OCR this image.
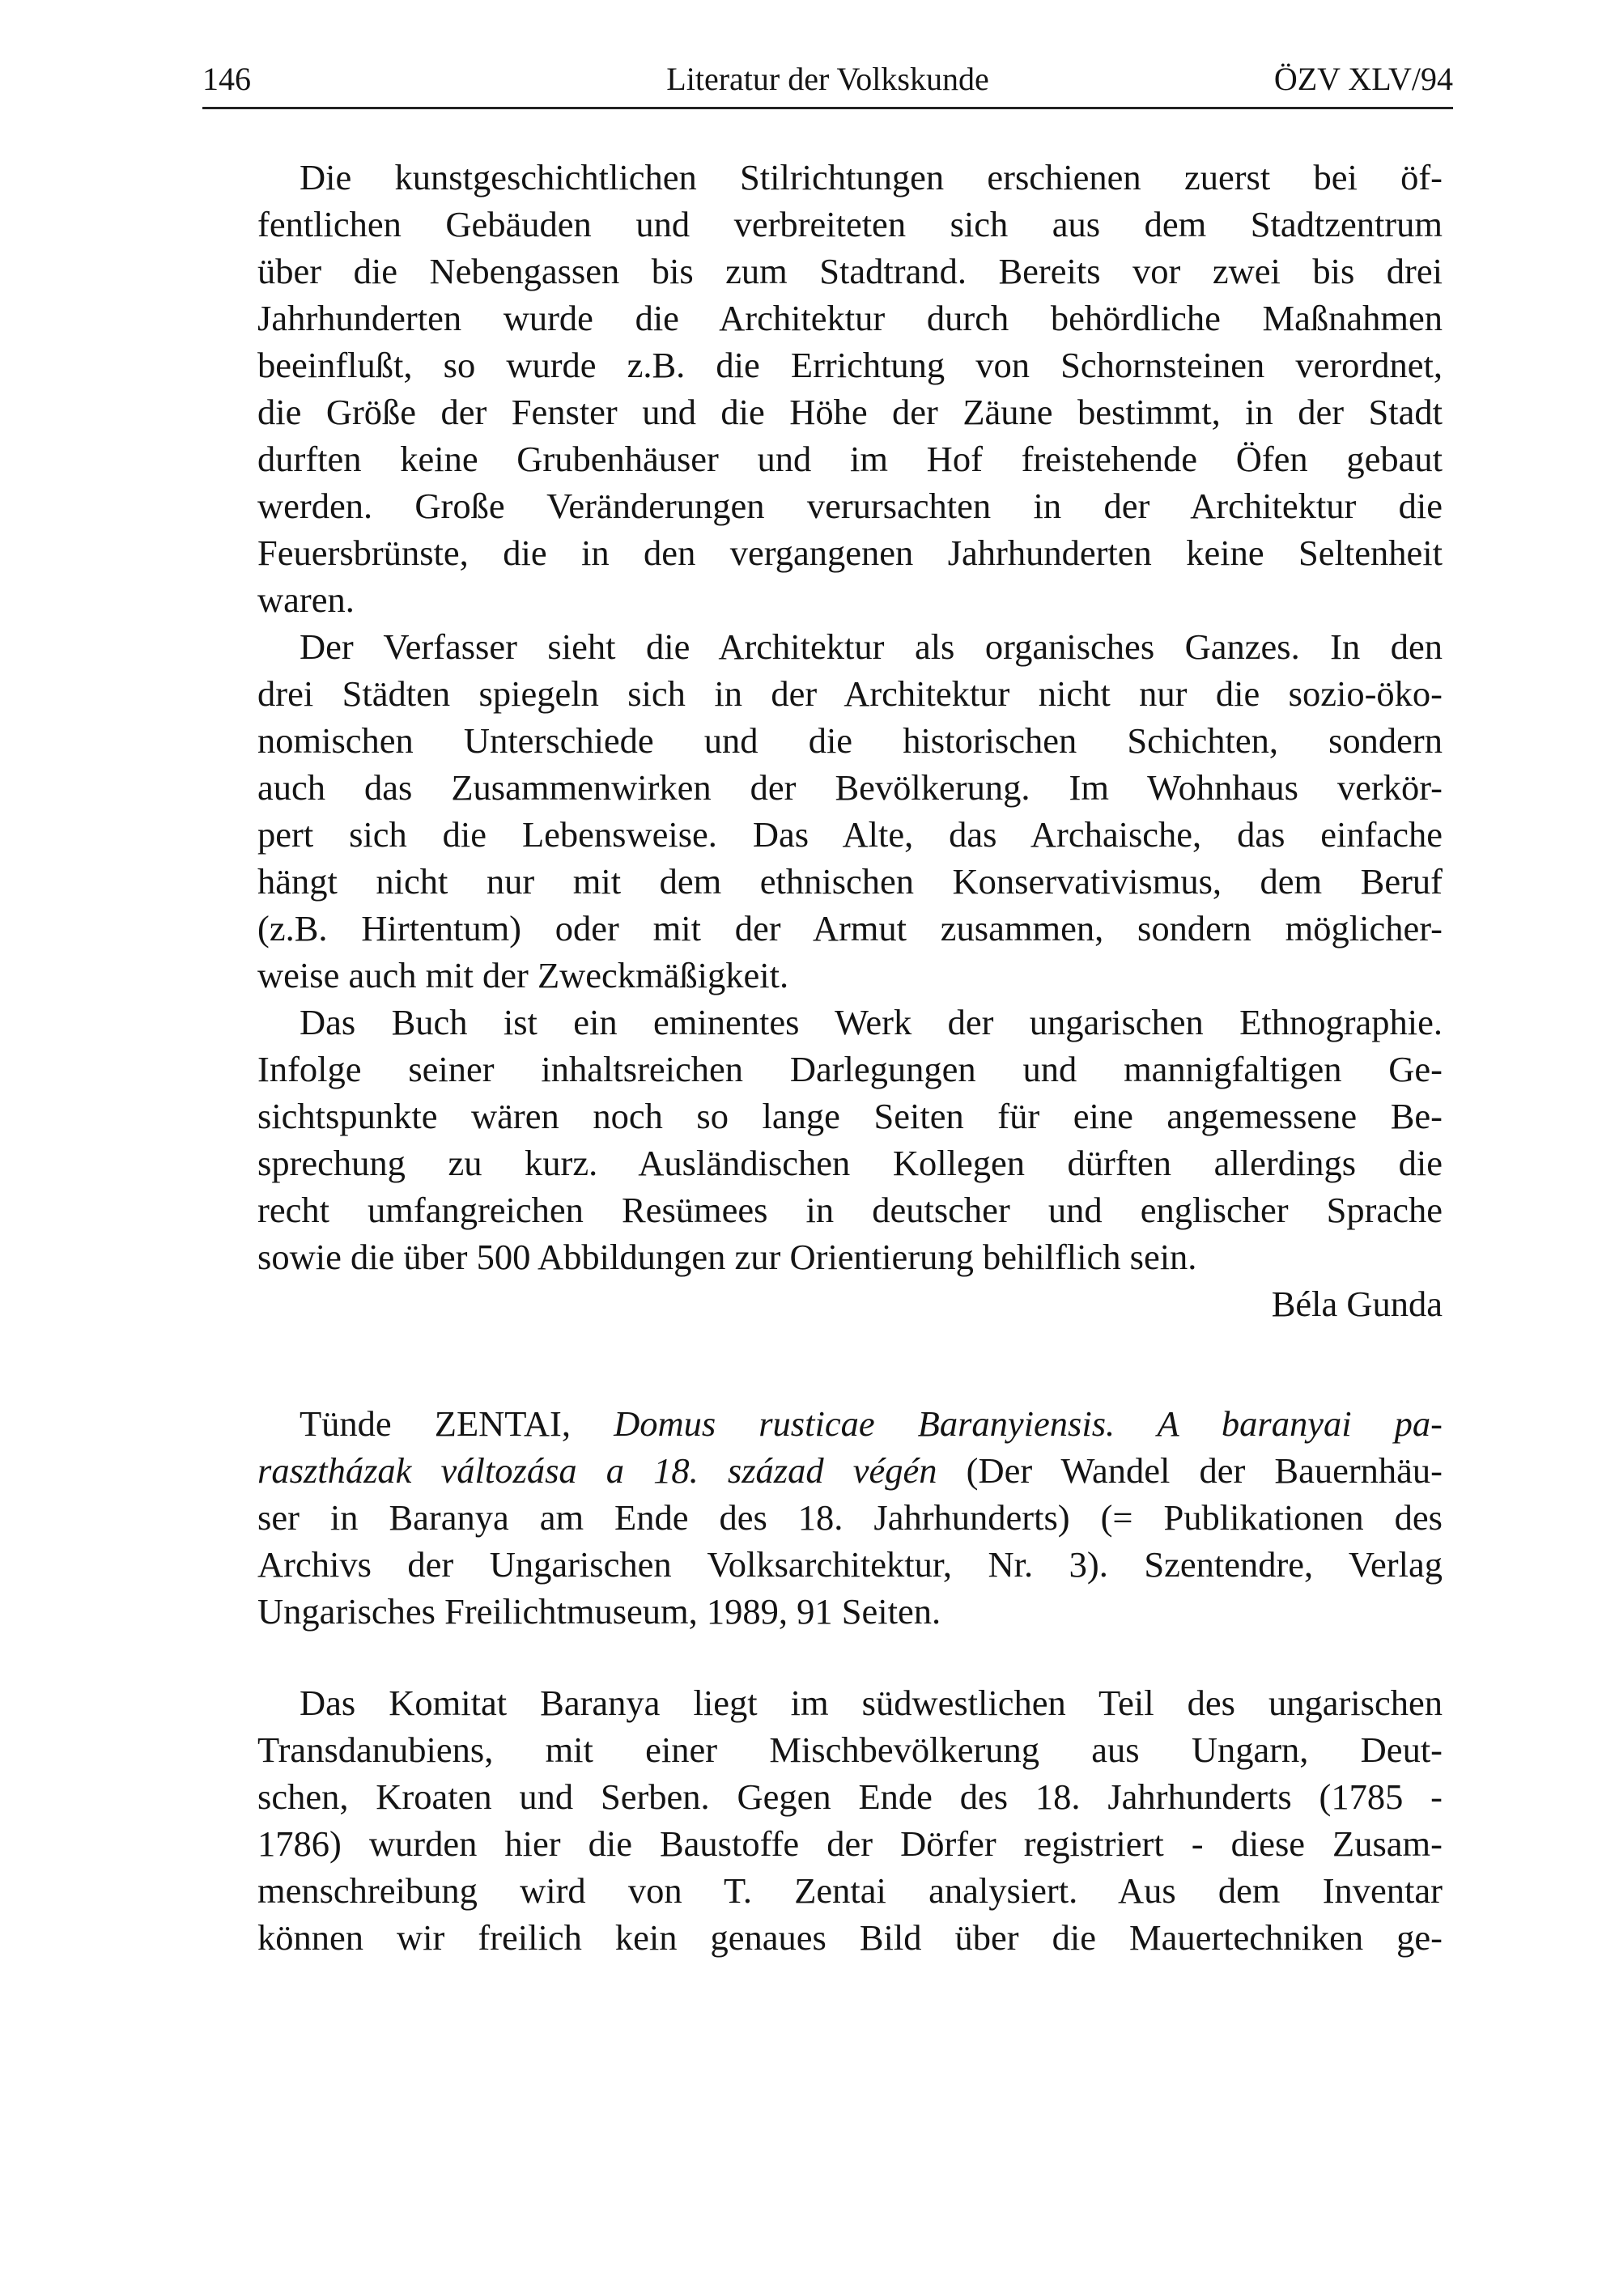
146	Literatur der Volkskunde	ÖZV XLV/94
Die kunstgeschichtlichen Stilrichtungen erschienen zuerst bei öf-
fentlichen Gebäuden und verbreiteten sich aus dem Stadtzentrum
über die Nebengassen bis zum Stadtrand. Bereits vor zwei bis drei
Jahrhunderten wurde die Architektur durch behördliche Maßnahmen
beeinflußt, so wurde z.B. die Errichtung von Schornsteinen verordnet,
die Größe der Fenster und die Höhe der Zäune bestimmt, in der Stadt
durften keine Grubenhäuser und im Hof freistehende Öfen gebaut
werden. Große Veränderungen verursachten in der Architektur die
Feuersbrünste, die in den vergangenen Jahrhunderten keine Seltenheit
waren.
Der Verfasser sieht die Architektur als organisches Ganzes. In den
drei Städten spiegeln sich in der Architektur nicht nur die sozio-öko-
nomischen Unterschiede und die historischen Schichten, sondern
auch das Zusammenwirken der Bevölkerung. Im Wohnhaus verkör-
pert sich die Lebensweise. Das Alte, das Archaische, das einfache
hängt nicht nur mit dem ethnischen Konservativismus, dem Beruf
(z.B. Hirtentum) oder mit der Armut zusammen, sondern möglicher-
weise auch mit der Zweckmäßigkeit.
Das Buch ist ein eminentes Werk der ungarischen Ethnographie.
Infolge seiner inhaltsreichen Darlegungen und mannigfaltigen Ge-
sichtspunkte wären noch so lange Seiten für eine angemessene Be-
sprechung zu kurz. Ausländischen Kollegen dürften allerdings die
recht umfangreichen Resümees in deutscher und englischer Sprache
sowie die über 500 Abbildungen zur Orientierung behilflich sein.
Béla Gunda
Tünde ZENTAI, Domus rusticae Baranyiensis. A baranyai pa-
rasztházak változása a 18. század végén (Der Wandel der Bauernhäu-
ser in Baranya am Ende des 18. Jahrhunderts) (= Publikationen des
Archivs der Ungarischen Volksarchitektur, Nr. 3). Szentendre, Verlag
Ungarisches Freilichtmuseum, 1989, 91 Seiten.
Das Komitat Baranya liegt im südwestlichen Teil des ungarischen
Transdanubiens, mit einer Mischbevölkerung aus Ungarn, Deut-
schen, Kroaten und Serben. Gegen Ende des 18. Jahrhunderts (1785 -
1786) wurden hier die Baustoffe der Dörfer registriert - diese Zusam-
menschreibung wird von T. Zentai analysiert. Aus dem Inventar
können wir freilich kein genaues Bild über die Mauertechniken ge-
